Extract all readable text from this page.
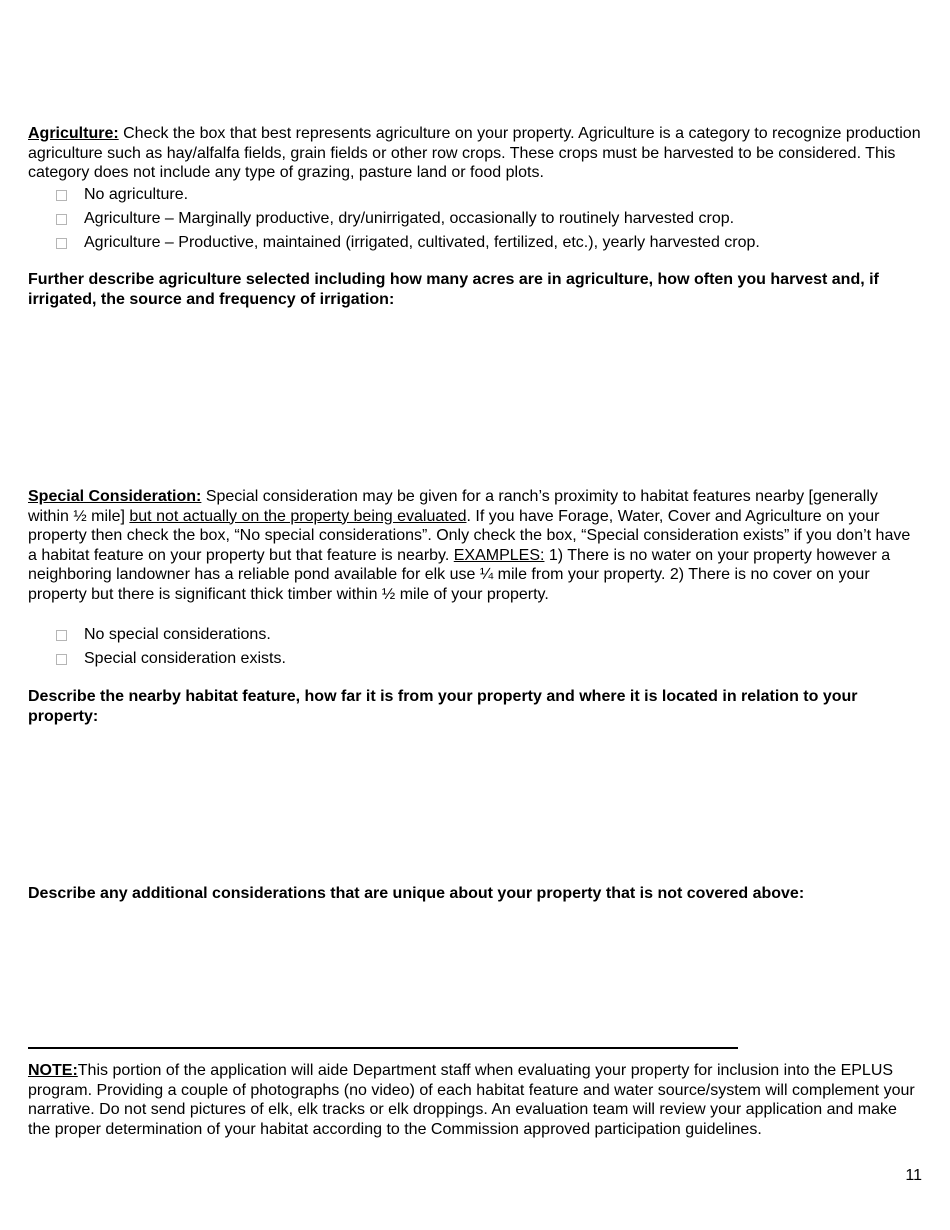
Agriculture: Check the box that best represents agriculture on your property. Agriculture is a category to recognize production agriculture such as hay/alfalfa fields, grain fields or other row crops. These crops must be harvested to be considered. This category does not include any type of grazing, pasture land or food plots.
No agriculture.
Agriculture – Marginally productive, dry/unirrigated, occasionally to routinely harvested crop.
Agriculture – Productive, maintained (irrigated, cultivated, fertilized, etc.), yearly harvested crop.
Further describe agriculture selected including how many acres are in agriculture, how often you harvest and, if irrigated, the source and frequency of irrigation:
Special Consideration: Special consideration may be given for a ranch’s proximity to habitat features nearby [generally within ½ mile] but not actually on the property being evaluated. If you have Forage, Water, Cover and Agriculture on your property then check the box, “No special considerations”. Only check the box, “Special consideration exists” if you don’t have a habitat feature on your property but that feature is nearby. EXAMPLES: 1) There is no water on your property however a neighboring landowner has a reliable pond available for elk use ¼ mile from your property. 2) There is no cover on your property but there is significant thick timber within ½ mile of your property.
No special considerations.
Special consideration exists.
Describe the nearby habitat feature, how far it is from your property and where it is located in relation to your property:
Describe any additional considerations that are unique about your property that is not covered above:
NOTE:This portion of the application will aide Department staff when evaluating your property for inclusion into the EPLUS program. Providing a couple of photographs (no video) of each habitat feature and water source/system will complement your narrative. Do not send pictures of elk, elk tracks or elk droppings. An evaluation team will review your application and make the proper determination of your habitat according to the Commission approved participation guidelines.
11
